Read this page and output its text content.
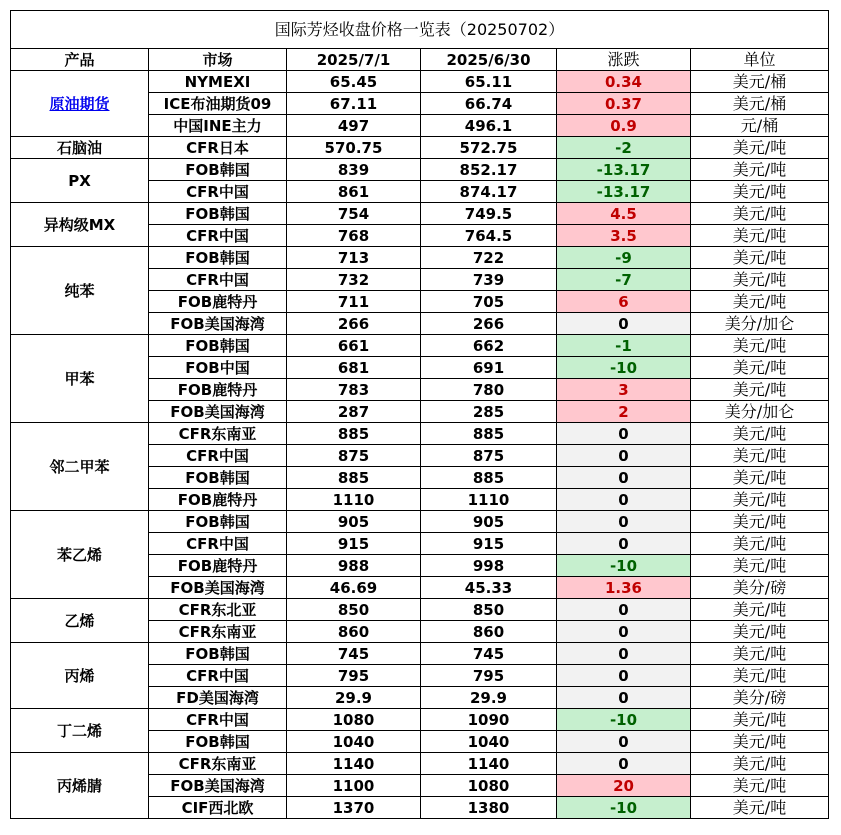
国际芳烃收盘价格一览表（20250702）					
产品	市场	2025/7/1	2025/6/30	涨跌	单位
原油期货	NYMEXI	65.45	65.11	0.34	美元/桶
	ICE布油期货09	67.11	66.74	0.37	美元/桶
	中国INE主力	497	496.1	0.9	元/桶
石脑油	CFR日本	570.75	572.75	-2	美元/吨
PX	FOB韩国	839	852.17	-13.17	美元/吨
	CFR中国	861	874.17	-13.17	美元/吨
异构级MX	FOB韩国	754	749.5	4.5	美元/吨
	CFR中国	768	764.5	3.5	美元/吨
纯苯	FOB韩国	713	722	-9	美元/吨
	CFR中国	732	739	-7	美元/吨
	FOB鹿特丹	711	705	6	美元/吨
	FOB美国海湾	266	266	0	美分/加仑
甲苯	FOB韩国	661	662	-1	美元/吨
	FOB中国	681	691	-10	美元/吨
	FOB鹿特丹	783	780	3	美元/吨
	FOB美国海湾	287	285	2	美分/加仑
邻二甲苯	CFR东南亚	885	885	0	美元/吨
	CFR中国	875	875	0	美元/吨
	FOB韩国	885	885	0	美元/吨
	FOB鹿特丹	1110	1110	0	美元/吨
苯乙烯	FOB韩国	905	905	0	美元/吨
	CFR中国	915	915	0	美元/吨
	FOB鹿特丹	988	998	-10	美元/吨
	FOB美国海湾	46.69	45.33	1.36	美分/磅
乙烯	CFR东北亚	850	850	0	美元/吨
	CFR东南亚	860	860	0	美元/吨
丙烯	FOB韩国	745	745	0	美元/吨
	CFR中国	795	795	0	美元/吨
	FD美国海湾	29.9	29.9	0	美分/磅
丁二烯	CFR中国	1080	1090	-10	美元/吨
	FOB韩国	1040	1040	0	美元/吨
丙烯腈	CFR东南亚	1140	1140	0	美元/吨
	FOB美国海湾	1100	1080	20	美元/吨
	CIF西北欧	1370	1380	-10	美元/吨
